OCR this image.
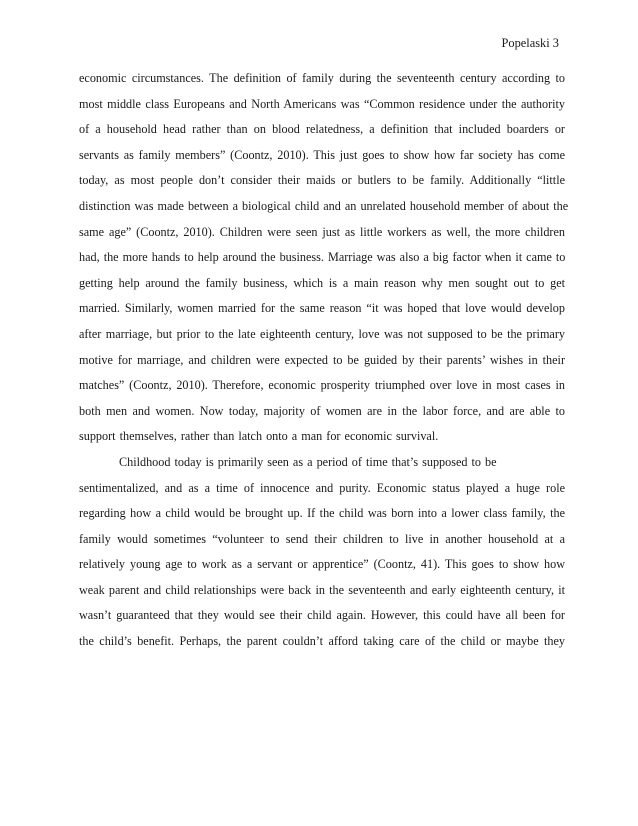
Popelaski 3
economic circumstances. The definition of family during the seventeenth century according to
most middle class Europeans and North Americans was “Common residence under the authority
of a household head rather than on blood relatedness, a definition that included boarders or
servants as family members” (Coontz, 2010). This just goes to show how far society has come
today, as most people don’t consider their maids or butlers to be family. Additionally “little
distinction was made between a biological child and an unrelated household member of about the
same age” (Coontz, 2010). Children were seen just as little workers as well, the more children
had, the more hands to help around the business. Marriage was also a big factor when it came to
getting help around the family business, which is a main reason why men sought out to get
married. Similarly, women married for the same reason “it was hoped that love would develop
after marriage, but prior to the late eighteenth century, love was not supposed to be the primary
motive for marriage, and children were expected to be guided by their parents’ wishes in their
matches” (Coontz, 2010). Therefore, economic prosperity triumphed over love in most cases in
both men and women. Now today, majority of women are in the labor force, and are able to
support themselves, rather than latch onto a man for economic survival.
Childhood today is primarily seen as a period of time that’s supposed to be
sentimentalized, and as a time of innocence and purity. Economic status played a huge role
regarding how a child would be brought up. If the child was born into a lower class family, the
family would sometimes “volunteer to send their children to live in another household at a
relatively young age to work as a servant or apprentice” (Coontz, 41). This goes to show how
weak parent and child relationships were back in the seventeenth and early eighteenth century, it
wasn’t guaranteed that they would see their child again. However, this could have all been for
the child’s benefit. Perhaps, the parent couldn’t afford taking care of the child or maybe they
